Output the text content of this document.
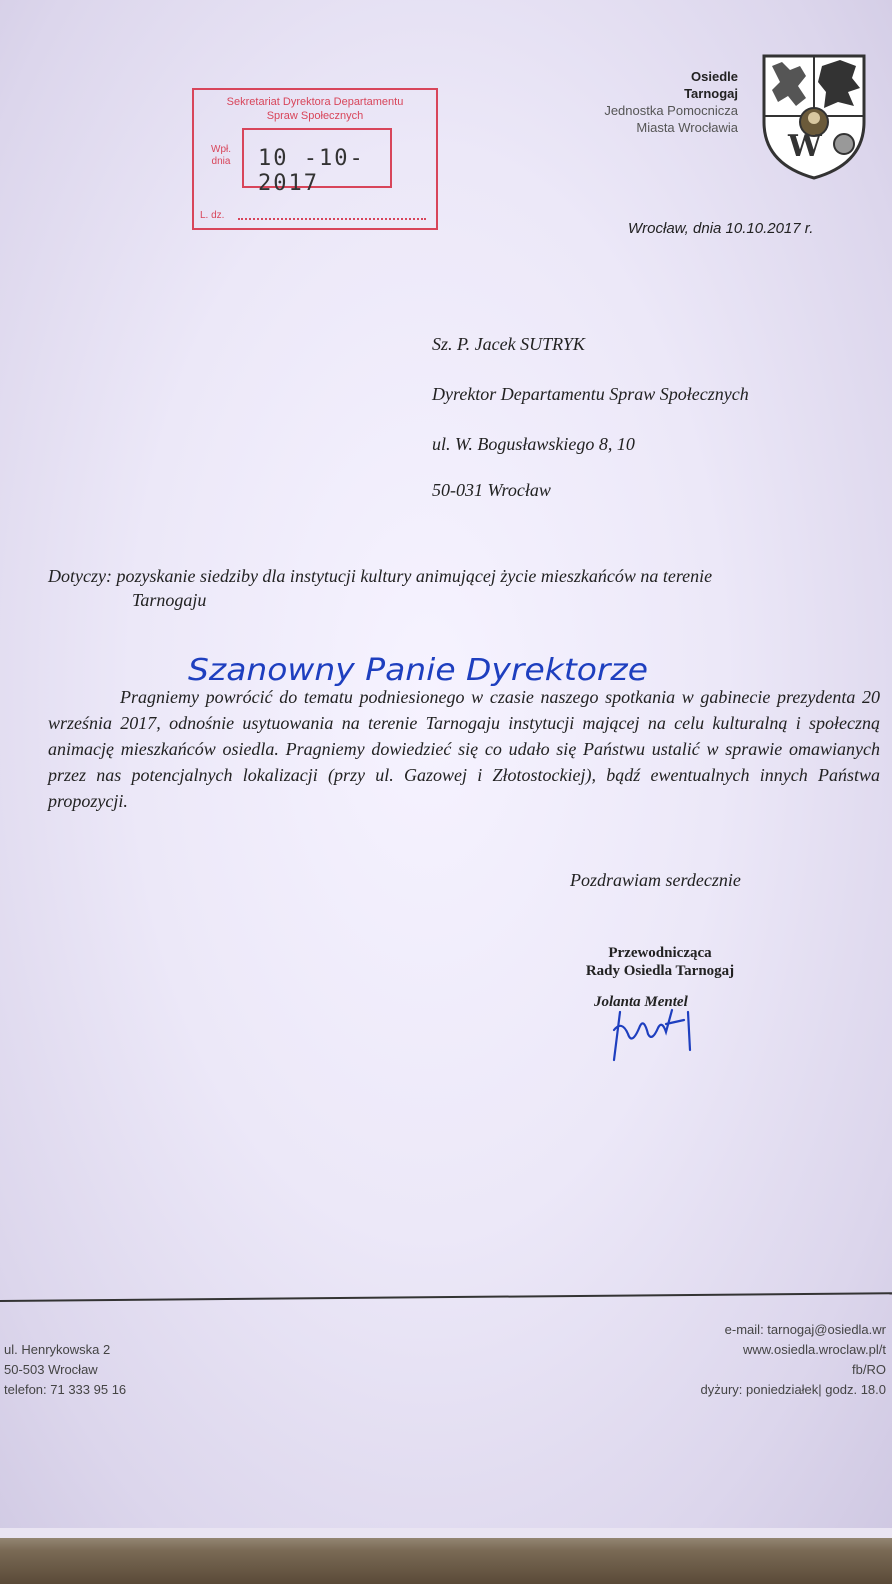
Sekretariat Dyrektora Departamentu
Spraw Społecznych
Wpł.
dnia	10 -10- 2017
L. dz.
Osiedle
Tarnogaj
Jednostka Pomocnicza
Miasta Wrocławia
W
Wrocław, dnia 10.10.2017 r.
Sz. P. Jacek SUTRYK
Dyrektor Departamentu Spraw Społecznych
ul. W. Bogusławskiego 8, 10
50-031 Wrocław
Dotyczy: pozyskanie siedziby dla instytucji kultury animującej życie mieszkańców na terenie
Tarnogaju
Szanowny Panie Dyrektorze
Pragniemy powrócić do tematu podniesionego w czasie naszego spotkania w gabinecie prezydenta 20 września 2017, odnośnie usytuowania na terenie Tarnogaju instytucji mającej na celu kulturalną i społeczną animację mieszkańców osiedla. Pragniemy dowiedzieć się co udało się Państwu ustalić w sprawie omawianych przez nas potencjalnych lokalizacji (przy ul. Gazowej i Złotostockiej), bądź ewentualnych innych Państwa propozycji.
Pozdrawiam serdecznie
Przewodnicząca
Rady Osiedla Tarnogaj
Jolanta Mentel
ul. Henrykowska 2
50-503 Wrocław
telefon: 71 333 95 16
e-mail: tarnogaj@osiedla.wr
www.osiedla.wroclaw.pl/t
fb/RO
dyżury: poniedziałek| godz. 18.0
